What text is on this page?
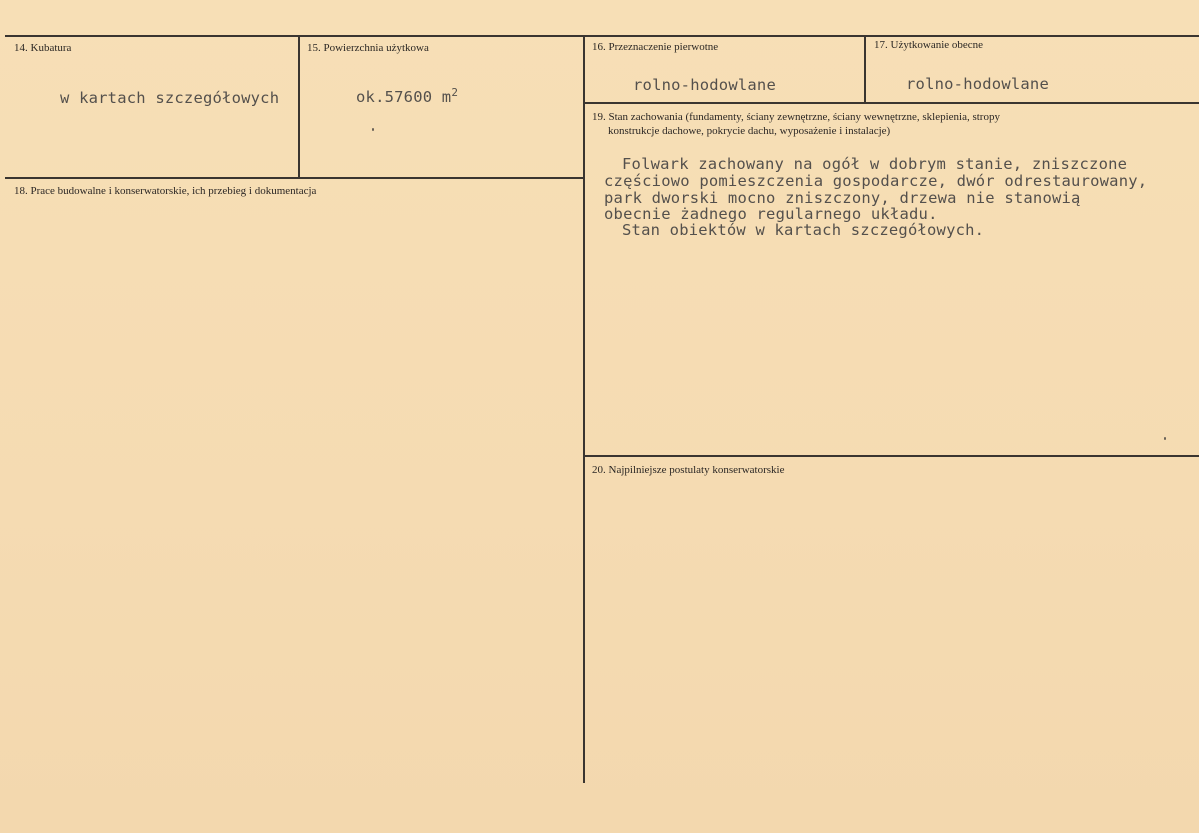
14. Kubatura
w kartach szczegółowych
15. Powierzchnia użytkowa
ok.57600 $m^2$
16. Przeznaczenie pierwotne
rolno-hodowlane
17. Użytkowanie obecne
rolno-hodowlane
18. Prace budowalne i konserwatorskie, ich przebieg i dokumentacja
19. Stan zachowania (fundamenty, ściany zewnętrzne, ściany wewnętrzne, sklepienia, stropy
konstrukcje dachowe, pokrycie dachu, wyposażenie i instalacje)
Folwark zachowany na ogół w dobrym stanie, zniszczone
częściowo pomieszczenia gospodarcze, dwór odrestaurowany,
park dworski mocno zniszczony, drzewa nie stanowią
obecnie żadnego regularnego układu.
Stan obiektów w kartach szczegółowych.
20. Najpilniejsze postulaty konserwatorskie
